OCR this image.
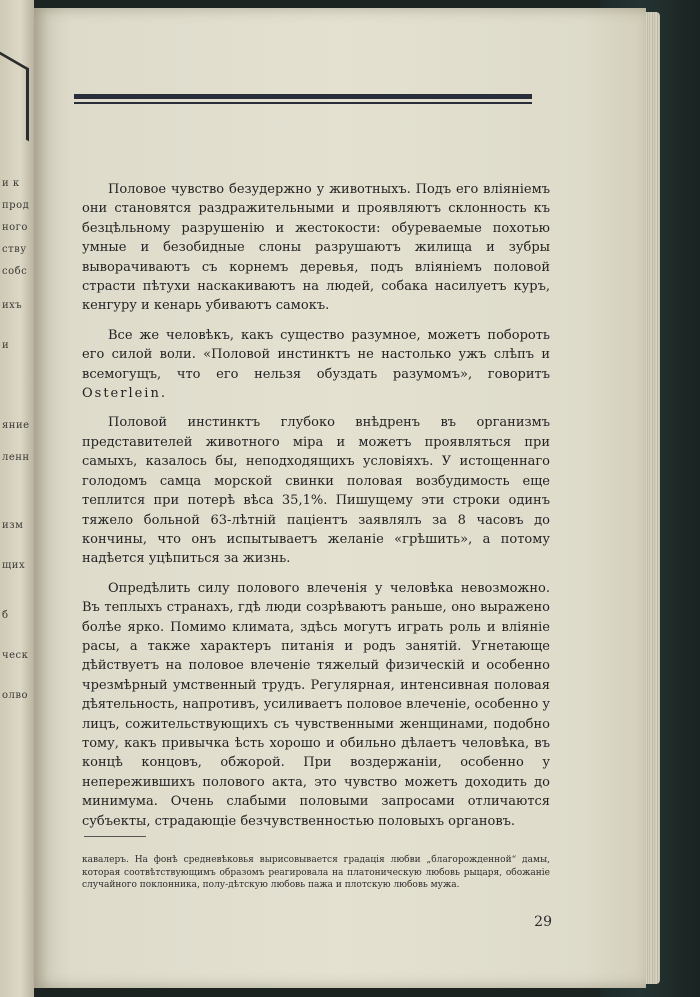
и к
прод
ного
ству
собс
ихъ
и
яние
ленн
изм
щих
б
ческ
олво

Половое чувство безудержно у животныхъ. Подъ его вліяніемъ они становятся раздражительными и проявляютъ склонность къ безцѣльному разрушенію и жестокости: обуреваемые похотью умные и безобидные слоны разрушаютъ жилища и зубры выворачиваютъ съ корнемъ деревья, подъ вліяніемъ половой страсти пѣтухи наскакиваютъ на людей, собака насилуетъ куръ, кенгуру и кенарь убиваютъ самокъ.

Все же человѣкъ, какъ существо разумное, можетъ побороть его силой воли. «Половой инстинктъ не настолько ужъ слѣпъ и всемогущъ, что его нельзя обуздать разумомъ», говоритъ Osterlein.

Половой инстинктъ глубоко внѣдренъ въ организмъ представителей животного міра и можетъ проявляться при самыхъ, казалось бы, неподходящихъ условіяхъ. У истощеннаго голодомъ самца морской свинки половая возбудимость еще теплится при потерѣ вѣса 35,1%. Пишущему эти строки одинъ тяжело больной 63-лѣтній паціентъ заявлялъ за 8 часовъ до кончины, что онъ испытываетъ желаніе «грѣшить», а потому надѣется уцѣпиться за жизнь.

Опредѣлить силу полового влеченія у человѣка невозможно. Въ теплыхъ странахъ, гдѣ люди созрѣваютъ раньше, оно выражено болѣе ярко. Помимо климата, здѣсь могутъ играть роль и вліяніе расы, а также характеръ питанія и родъ занятій. Угнетающе дѣйствуетъ на половое влеченіе тяжелый физическій и особенно чрезмѣрный умственный трудъ. Регулярная, интенсивная половая дѣятельность, напротивъ, усиливаетъ половое влеченіе, особенно у лицъ, сожительствующихъ съ чувственными женщинами, подобно тому, какъ привычка ѣсть хорошо и обильно дѣлаетъ человѣка, въ концѣ концовъ, обжорой. При воздержаніи, особенно у непережившихъ полового акта, это чувство можетъ доходить до минимума. Очень слабыми половыми запросами отличаются субъекты, страдающіе безчувственностью половыхъ органовъ.

кавалеръ. На фонѣ средневѣковья вырисовывается градація любви „благорожденной“ дамы, которая соотвѣтствующимъ образомъ реагировала на платоническую любовь рыцаря, обожаніе случайного поклонника, полу-дѣтскую любовь пажа и плотскую любовь мужа.
29
